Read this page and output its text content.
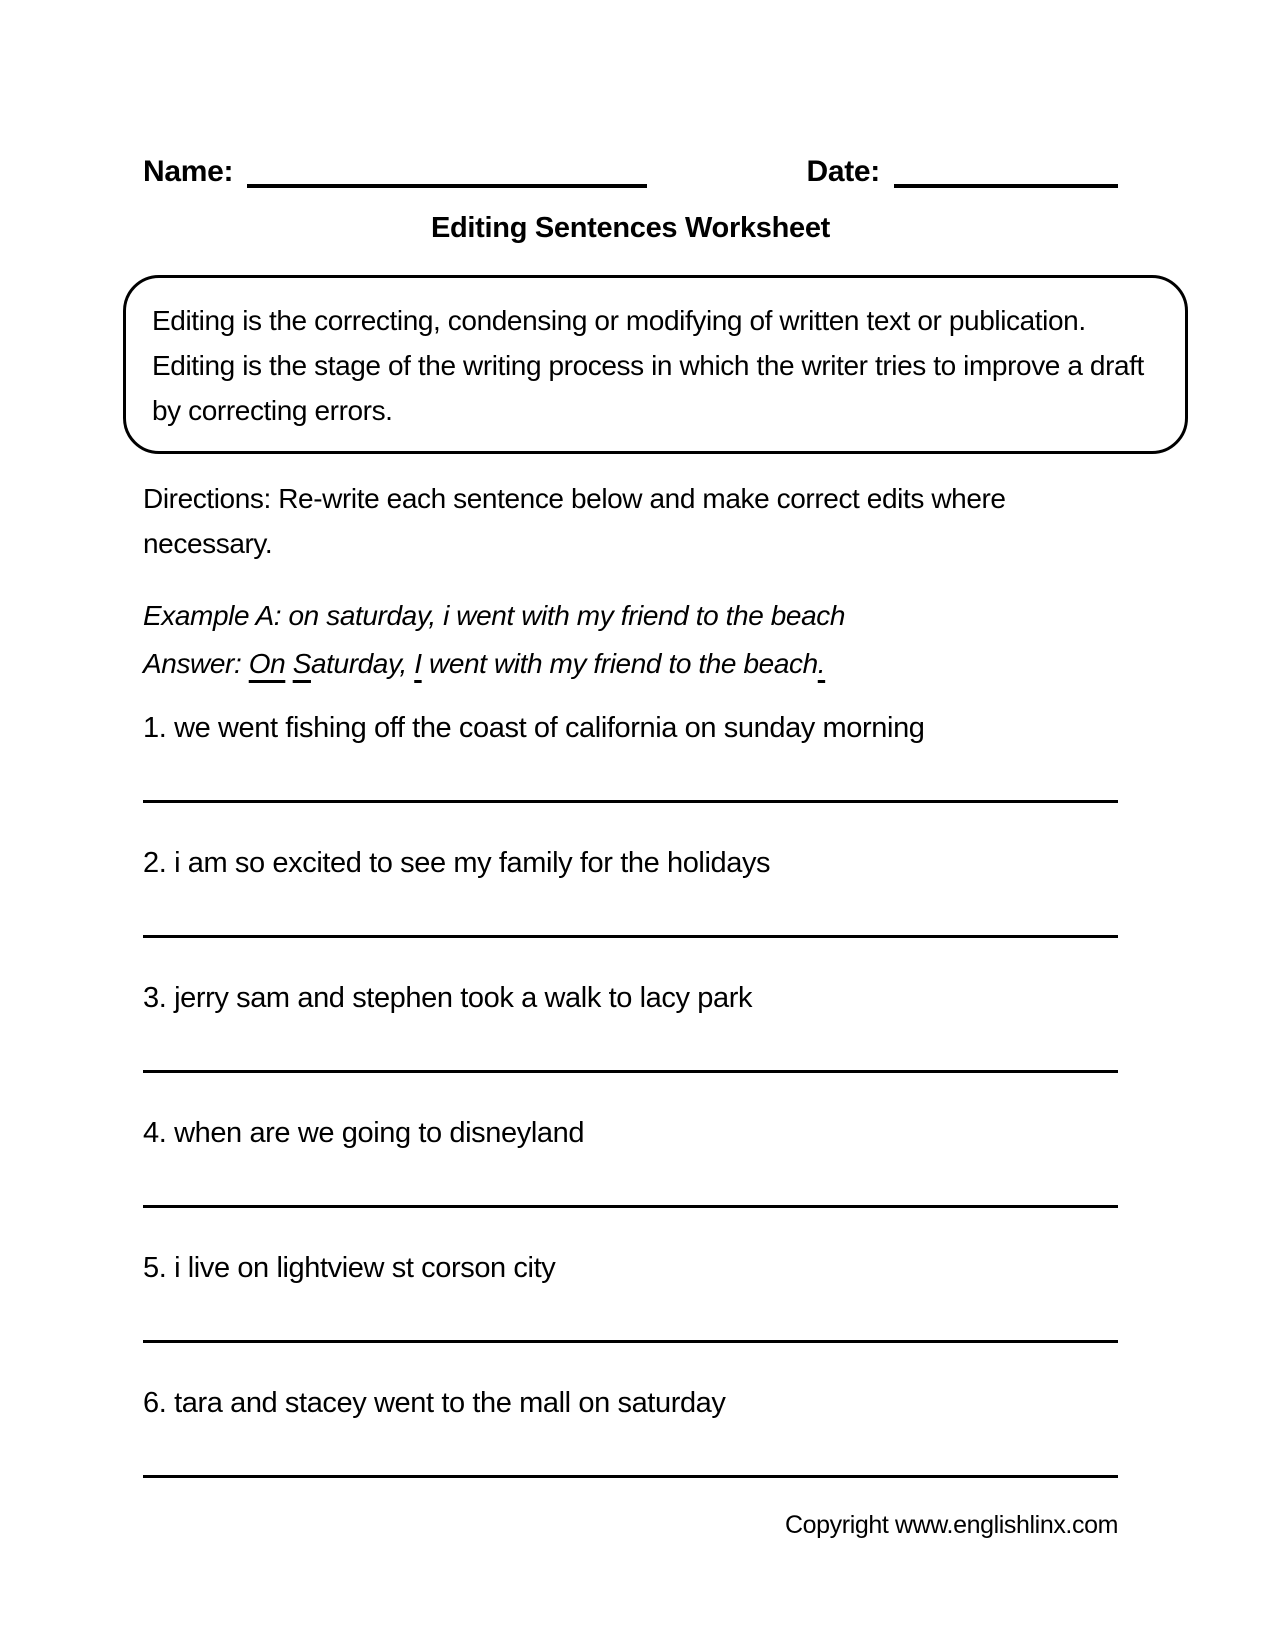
Name:	Date:
Editing Sentences Worksheet

Editing is the correcting, condensing or modifying of written text or publication. Editing is the stage of the writing process in which the writer tries to improve a draft by correcting errors.

Directions: Re-write each sentence below and make correct edits where necessary.

Example A: on saturday, i went with my friend to the beach

Answer: On Saturday, I went with my friend to the beach.

1. we went fishing off the coast of california on sunday morning

2. i am so excited to see my family for the holidays

3. jerry sam and stephen took a walk to lacy park

4. when are we going to disneyland

5. i live on lightview st corson city

6. tara and stacey went to the mall on saturday

Copyright www.englishlinx.com
